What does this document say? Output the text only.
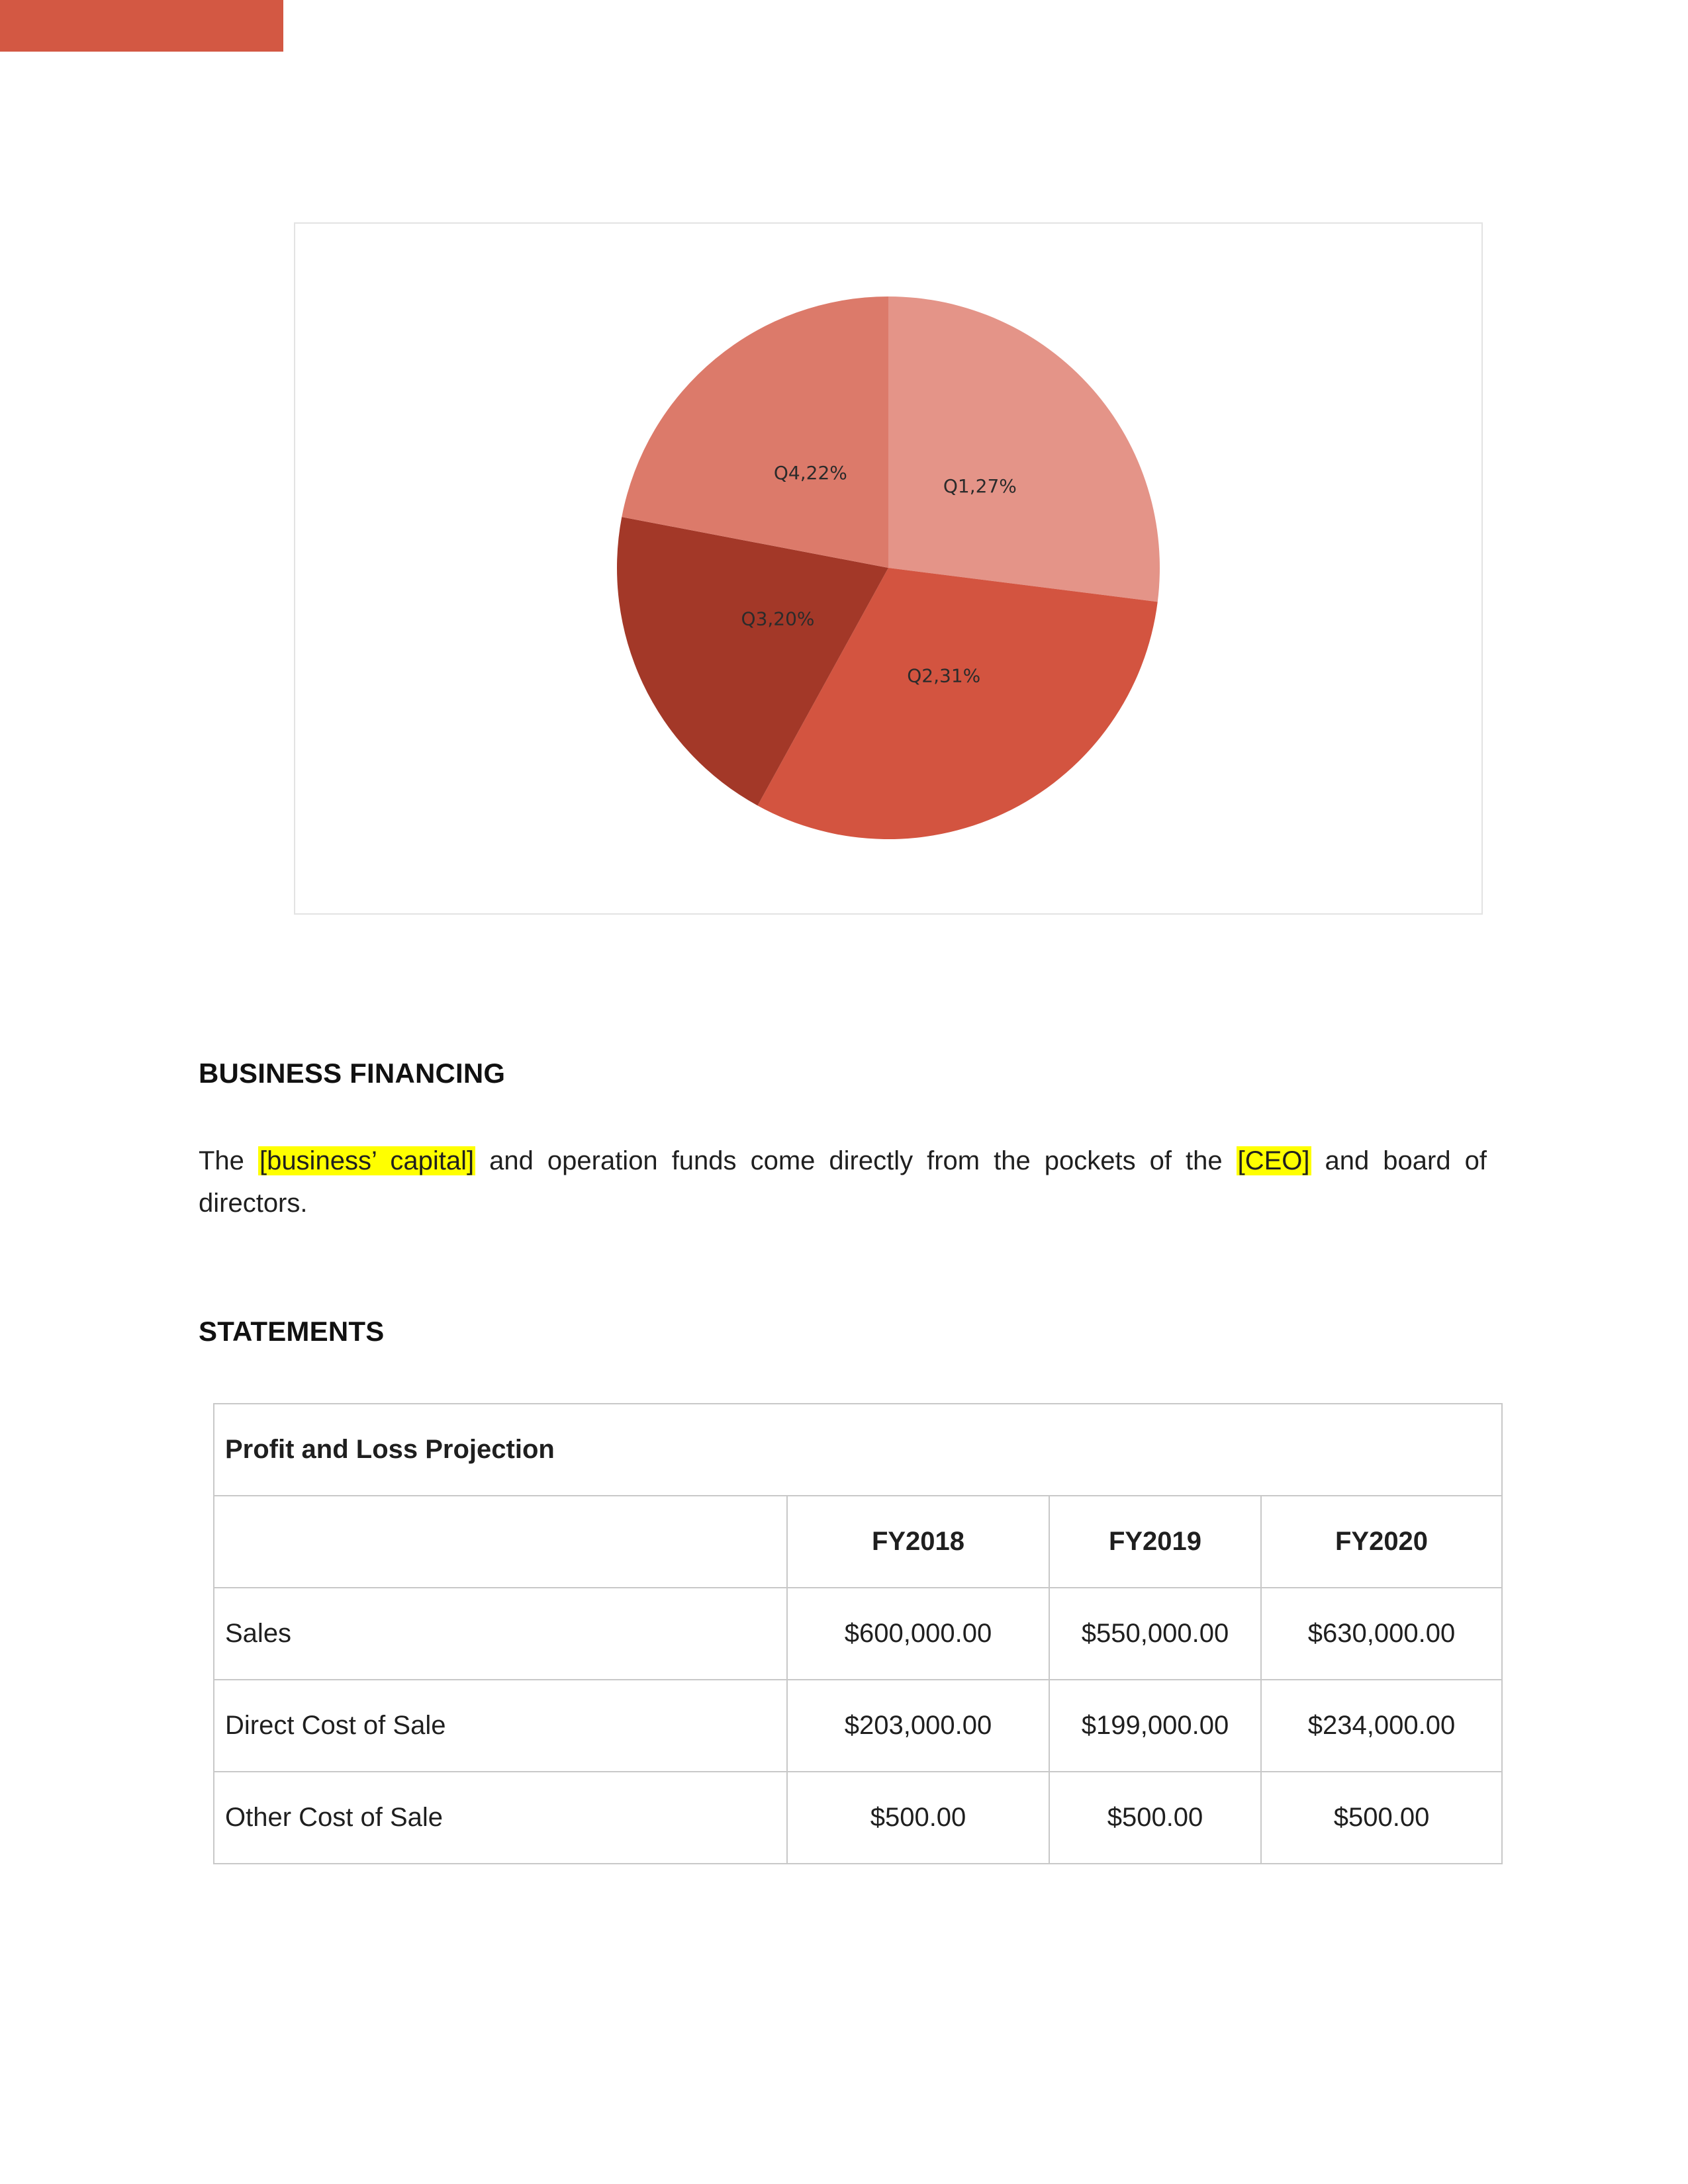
Q1,27%
Q2,31%
Q3,20%
Q4,22%
BUSINESS FINANCING

The [business’ capital] and operation funds come directly from the pockets of the [CEO] and board of directors.

STATEMENTS
Profit and Loss Projection			
	FY2018	FY2019	FY2020
Sales	$600,000.00	$550,000.00	$630,000.00
Direct Cost of Sale	$203,000.00	$199,000.00	$234,000.00
Other Cost of Sale	$500.00	$500.00	$500.00
